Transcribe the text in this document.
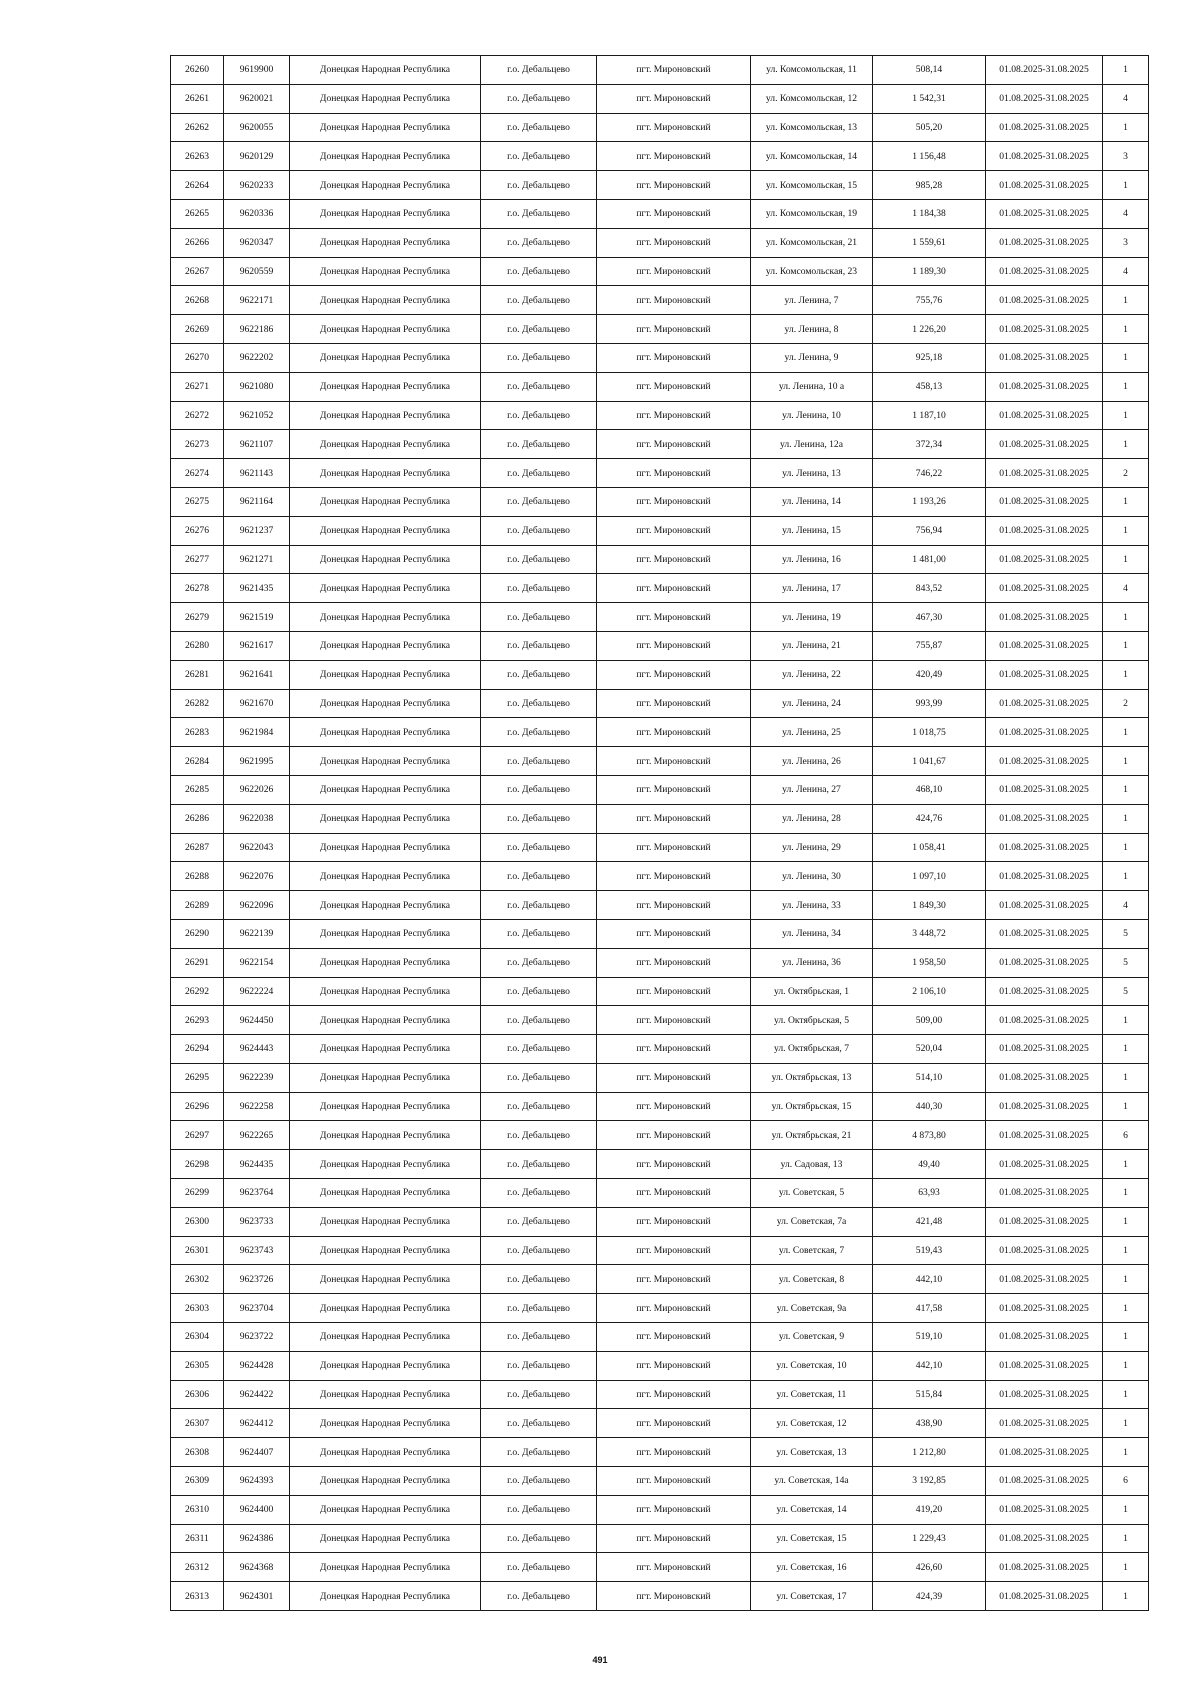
26260	9619900	Донецкая Народная Республика	г.о. Дебальцево	пгт. Мироновский	ул. Комсомольская, 11	508,14	01.08.2025-31.08.2025	1
26261	9620021	Донецкая Народная Республика	г.о. Дебальцево	пгт. Мироновский	ул. Комсомольская, 12	1 542,31	01.08.2025-31.08.2025	4
26262	9620055	Донецкая Народная Республика	г.о. Дебальцево	пгт. Мироновский	ул. Комсомольская, 13	505,20	01.08.2025-31.08.2025	1
26263	9620129	Донецкая Народная Республика	г.о. Дебальцево	пгт. Мироновский	ул. Комсомольская, 14	1 156,48	01.08.2025-31.08.2025	3
26264	9620233	Донецкая Народная Республика	г.о. Дебальцево	пгт. Мироновский	ул. Комсомольская, 15	985,28	01.08.2025-31.08.2025	1
26265	9620336	Донецкая Народная Республика	г.о. Дебальцево	пгт. Мироновский	ул. Комсомольская, 19	1 184,38	01.08.2025-31.08.2025	4
26266	9620347	Донецкая Народная Республика	г.о. Дебальцево	пгт. Мироновский	ул. Комсомольская, 21	1 559,61	01.08.2025-31.08.2025	3
26267	9620559	Донецкая Народная Республика	г.о. Дебальцево	пгт. Мироновский	ул. Комсомольская, 23	1 189,30	01.08.2025-31.08.2025	4
26268	9622171	Донецкая Народная Республика	г.о. Дебальцево	пгт. Мироновский	ул. Ленина, 7	755,76	01.08.2025-31.08.2025	1
26269	9622186	Донецкая Народная Республика	г.о. Дебальцево	пгт. Мироновский	ул. Ленина, 8	1 226,20	01.08.2025-31.08.2025	1
26270	9622202	Донецкая Народная Республика	г.о. Дебальцево	пгт. Мироновский	ул. Ленина, 9	925,18	01.08.2025-31.08.2025	1
26271	9621080	Донецкая Народная Республика	г.о. Дебальцево	пгт. Мироновский	ул. Ленина, 10 а	458,13	01.08.2025-31.08.2025	1
26272	9621052	Донецкая Народная Республика	г.о. Дебальцево	пгт. Мироновский	ул. Ленина, 10	1 187,10	01.08.2025-31.08.2025	1
26273	9621107	Донецкая Народная Республика	г.о. Дебальцево	пгт. Мироновский	ул. Ленина, 12а	372,34	01.08.2025-31.08.2025	1
26274	9621143	Донецкая Народная Республика	г.о. Дебальцево	пгт. Мироновский	ул. Ленина, 13	746,22	01.08.2025-31.08.2025	2
26275	9621164	Донецкая Народная Республика	г.о. Дебальцево	пгт. Мироновский	ул. Ленина, 14	1 193,26	01.08.2025-31.08.2025	1
26276	9621237	Донецкая Народная Республика	г.о. Дебальцево	пгт. Мироновский	ул. Ленина, 15	756,94	01.08.2025-31.08.2025	1
26277	9621271	Донецкая Народная Республика	г.о. Дебальцево	пгт. Мироновский	ул. Ленина, 16	1 481,00	01.08.2025-31.08.2025	1
26278	9621435	Донецкая Народная Республика	г.о. Дебальцево	пгт. Мироновский	ул. Ленина, 17	843,52	01.08.2025-31.08.2025	4
26279	9621519	Донецкая Народная Республика	г.о. Дебальцево	пгт. Мироновский	ул. Ленина, 19	467,30	01.08.2025-31.08.2025	1
26280	9621617	Донецкая Народная Республика	г.о. Дебальцево	пгт. Мироновский	ул. Ленина, 21	755,87	01.08.2025-31.08.2025	1
26281	9621641	Донецкая Народная Республика	г.о. Дебальцево	пгт. Мироновский	ул. Ленина, 22	420,49	01.08.2025-31.08.2025	1
26282	9621670	Донецкая Народная Республика	г.о. Дебальцево	пгт. Мироновский	ул. Ленина, 24	993,99	01.08.2025-31.08.2025	2
26283	9621984	Донецкая Народная Республика	г.о. Дебальцево	пгт. Мироновский	ул. Ленина, 25	1 018,75	01.08.2025-31.08.2025	1
26284	9621995	Донецкая Народная Республика	г.о. Дебальцево	пгт. Мироновский	ул. Ленина, 26	1 041,67	01.08.2025-31.08.2025	1
26285	9622026	Донецкая Народная Республика	г.о. Дебальцево	пгт. Мироновский	ул. Ленина, 27	468,10	01.08.2025-31.08.2025	1
26286	9622038	Донецкая Народная Республика	г.о. Дебальцево	пгт. Мироновский	ул. Ленина, 28	424,76	01.08.2025-31.08.2025	1
26287	9622043	Донецкая Народная Республика	г.о. Дебальцево	пгт. Мироновский	ул. Ленина, 29	1 058,41	01.08.2025-31.08.2025	1
26288	9622076	Донецкая Народная Республика	г.о. Дебальцево	пгт. Мироновский	ул. Ленина, 30	1 097,10	01.08.2025-31.08.2025	1
26289	9622096	Донецкая Народная Республика	г.о. Дебальцево	пгт. Мироновский	ул. Ленина, 33	1 849,30	01.08.2025-31.08.2025	4
26290	9622139	Донецкая Народная Республика	г.о. Дебальцево	пгт. Мироновский	ул. Ленина, 34	3 448,72	01.08.2025-31.08.2025	5
26291	9622154	Донецкая Народная Республика	г.о. Дебальцево	пгт. Мироновский	ул. Ленина, 36	1 958,50	01.08.2025-31.08.2025	5
26292	9622224	Донецкая Народная Республика	г.о. Дебальцево	пгт. Мироновский	ул. Октябрьская, 1	2 106,10	01.08.2025-31.08.2025	5
26293	9624450	Донецкая Народная Республика	г.о. Дебальцево	пгт. Мироновский	ул. Октябрьская, 5	509,00	01.08.2025-31.08.2025	1
26294	9624443	Донецкая Народная Республика	г.о. Дебальцево	пгт. Мироновский	ул. Октябрьская, 7	520,04	01.08.2025-31.08.2025	1
26295	9622239	Донецкая Народная Республика	г.о. Дебальцево	пгт. Мироновский	ул. Октябрьская, 13	514,10	01.08.2025-31.08.2025	1
26296	9622258	Донецкая Народная Республика	г.о. Дебальцево	пгт. Мироновский	ул. Октябрьская, 15	440,30	01.08.2025-31.08.2025	1
26297	9622265	Донецкая Народная Республика	г.о. Дебальцево	пгт. Мироновский	ул. Октябрьская, 21	4 873,80	01.08.2025-31.08.2025	6
26298	9624435	Донецкая Народная Республика	г.о. Дебальцево	пгт. Мироновский	ул. Садовая, 13	49,40	01.08.2025-31.08.2025	1
26299	9623764	Донецкая Народная Республика	г.о. Дебальцево	пгт. Мироновский	ул. Советская, 5	63,93	01.08.2025-31.08.2025	1
26300	9623733	Донецкая Народная Республика	г.о. Дебальцево	пгт. Мироновский	ул. Советская, 7а	421,48	01.08.2025-31.08.2025	1
26301	9623743	Донецкая Народная Республика	г.о. Дебальцево	пгт. Мироновский	ул. Советская, 7	519,43	01.08.2025-31.08.2025	1
26302	9623726	Донецкая Народная Республика	г.о. Дебальцево	пгт. Мироновский	ул. Советская, 8	442,10	01.08.2025-31.08.2025	1
26303	9623704	Донецкая Народная Республика	г.о. Дебальцево	пгт. Мироновский	ул. Советская, 9а	417,58	01.08.2025-31.08.2025	1
26304	9623722	Донецкая Народная Республика	г.о. Дебальцево	пгт. Мироновский	ул. Советская, 9	519,10	01.08.2025-31.08.2025	1
26305	9624428	Донецкая Народная Республика	г.о. Дебальцево	пгт. Мироновский	ул. Советская, 10	442,10	01.08.2025-31.08.2025	1
26306	9624422	Донецкая Народная Республика	г.о. Дебальцево	пгт. Мироновский	ул. Советская, 11	515,84	01.08.2025-31.08.2025	1
26307	9624412	Донецкая Народная Республика	г.о. Дебальцево	пгт. Мироновский	ул. Советская, 12	438,90	01.08.2025-31.08.2025	1
26308	9624407	Донецкая Народная Республика	г.о. Дебальцево	пгт. Мироновский	ул. Советская, 13	1 212,80	01.08.2025-31.08.2025	1
26309	9624393	Донецкая Народная Республика	г.о. Дебальцево	пгт. Мироновский	ул. Советская, 14а	3 192,85	01.08.2025-31.08.2025	6
26310	9624400	Донецкая Народная Республика	г.о. Дебальцево	пгт. Мироновский	ул. Советская, 14	419,20	01.08.2025-31.08.2025	1
26311	9624386	Донецкая Народная Республика	г.о. Дебальцево	пгт. Мироновский	ул. Советская, 15	1 229,43	01.08.2025-31.08.2025	1
26312	9624368	Донецкая Народная Республика	г.о. Дебальцево	пгт. Мироновский	ул. Советская, 16	426,60	01.08.2025-31.08.2025	1
26313	9624301	Донецкая Народная Республика	г.о. Дебальцево	пгт. Мироновский	ул. Советская, 17	424,39	01.08.2025-31.08.2025	1
491
